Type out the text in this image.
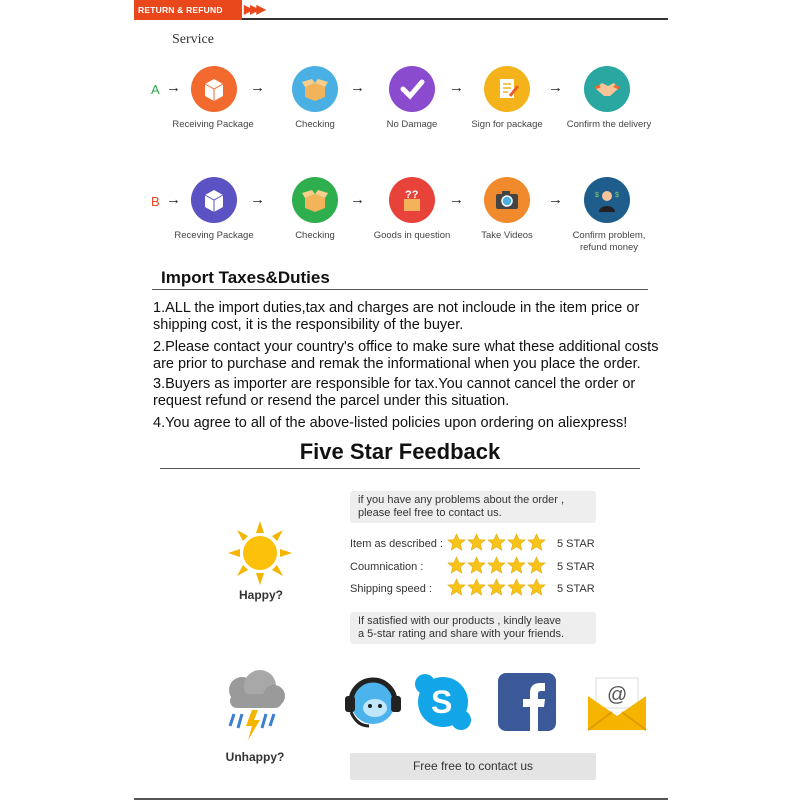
RETURN & REFUND	▶▶▶
Service
A →
Receiving Package
→
Checking
→
No Damage
→
Sign for package
→
Confirm the delivery
B →
Receving Package
→
Checking
→	??
Goods in question
→
Take Videos
→	$ $
Confirm problem,
refund money
Import Taxes&Duties
1.ALL the import duties,tax and charges are not incloude in the item price or shipping cost, it is the responsibility of the buyer.
2.Please contact your country's office to make sure what these additional costs are prior to purchase and remak the informational when you place the order.
3.Buyers as importer are responsible for tax.You cannot cancel the order or request refund or resend the parcel under this situation.
4.You agree to all of the above-listed policies upon ordering on aliexpress!
Five Star Feedback
if you have any problems about the order ,
please feel free to contact us.
Happy?
Item as described :	5 STAR
Coumnication :	5 STAR
Shipping speed :	5 STAR
If satisfied with our products , kindly leave
a 5-star rating and share with your friends.
Unhappy?
S	@
Free free to contact us
